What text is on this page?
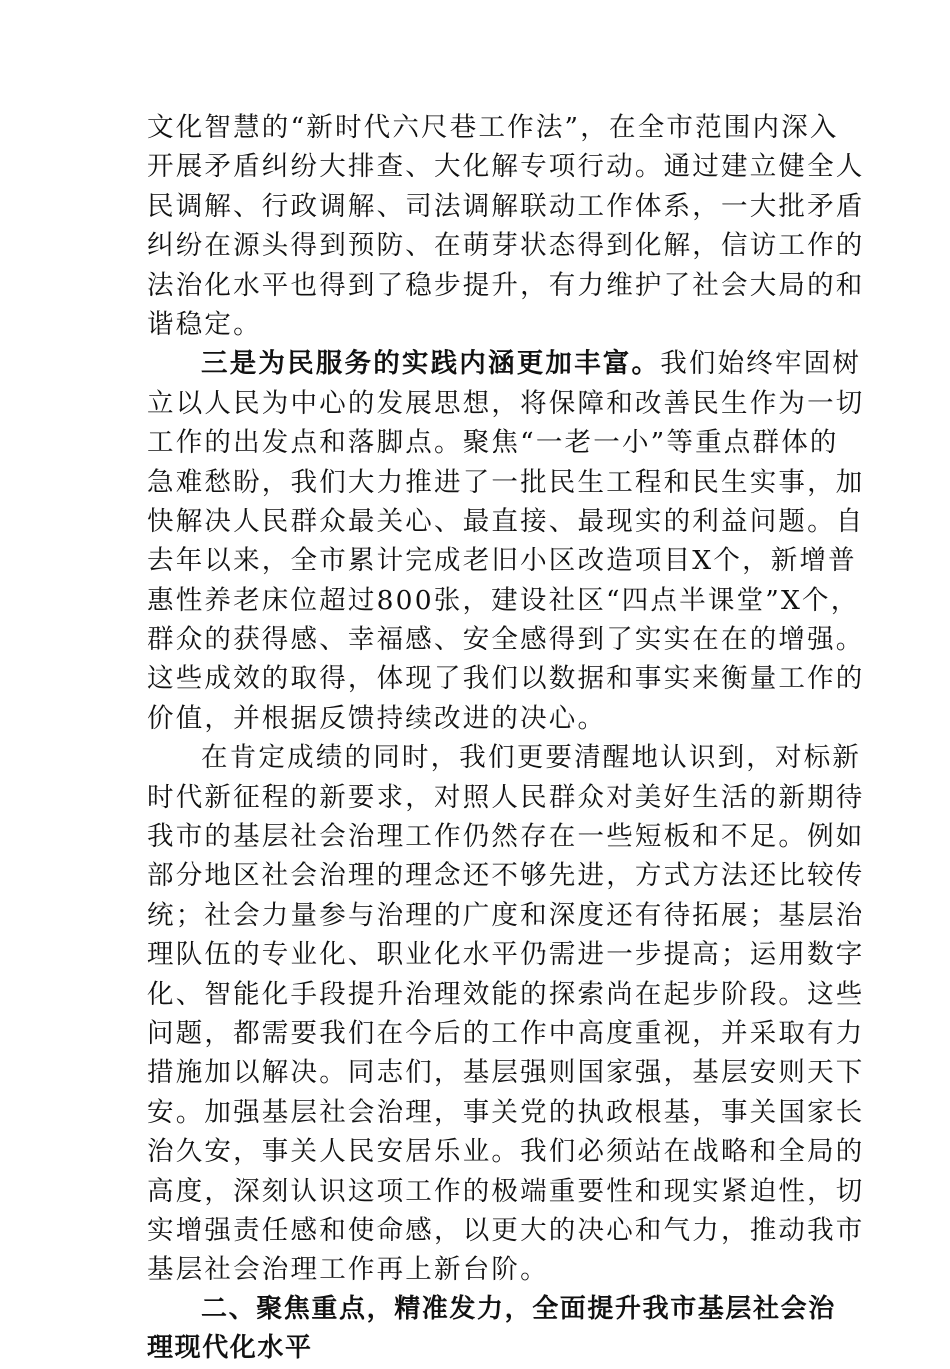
文化智慧的“新时代六尺巷工作法”，在全市范围内深入
开展矛盾纠纷大排查、大化解专项行动。通过建立健全人
民调解、行政调解、司法调解联动工作体系，一大批矛盾
纠纷在源头得到预防、在萌芽状态得到化解，信访工作的
法治化水平也得到了稳步提升，有力维护了社会大局的和
谐稳定。
三是为民服务的实践内涵更加丰富。我们始终牢固树
立以人民为中心的发展思想，将保障和改善民生作为一切
工作的出发点和落脚点。聚焦“一老一小”等重点群体的
急难愁盼，我们大力推进了一批民生工程和民生实事，加
快解决人民群众最关心、最直接、最现实的利益问题。自
去年以来，全市累计完成老旧小区改造项目X个，新增普
惠性养老床位超过800张，建设社区“四点半课堂”X个，
群众的获得感、幸福感、安全感得到了实实在在的增强。
这些成效的取得，体现了我们以数据和事实来衡量工作的
价值，并根据反馈持续改进的决心。
在肯定成绩的同时，我们更要清醒地认识到，对标新
时代新征程的新要求，对照人民群众对美好生活的新期待
我市的基层社会治理工作仍然存在一些短板和不足。例如
部分地区社会治理的理念还不够先进，方式方法还比较传
统；社会力量参与治理的广度和深度还有待拓展；基层治
理队伍的专业化、职业化水平仍需进一步提高；运用数字
化、智能化手段提升治理效能的探索尚在起步阶段。这些
问题，都需要我们在今后的工作中高度重视，并采取有力
措施加以解决。同志们，基层强则国家强，基层安则天下
安。加强基层社会治理，事关党的执政根基，事关国家长
治久安，事关人民安居乐业。我们必须站在战略和全局的
高度，深刻认识这项工作的极端重要性和现实紧迫性，切
实增强责任感和使命感，以更大的决心和气力，推动我市
基层社会治理工作再上新台阶。
二、聚焦重点，精准发力，全面提升我市基层社会治
理现代化水平
